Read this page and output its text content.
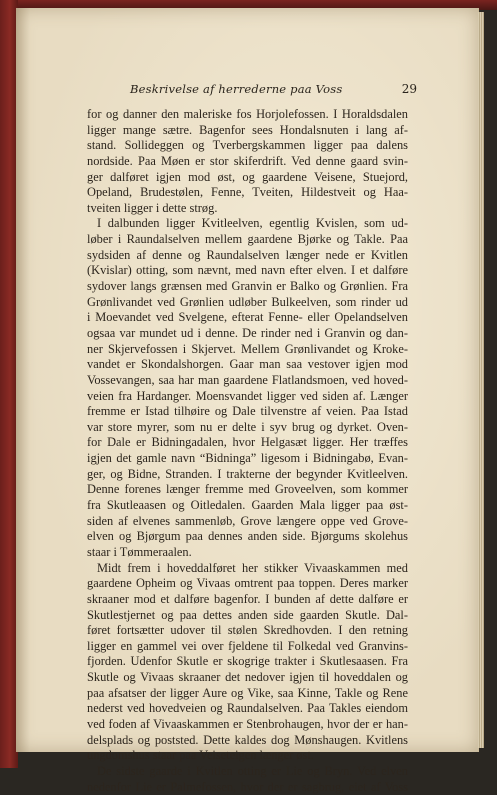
Beskrivelse af herrederne paa Voss	29
for og danner den maleriske fos Horjolefossen. I Horaldsdalen
ligger mange sætre. Bagenfor sees Hondalsnuten i lang af-
stand. Sollideggen og Tverbergskammen ligger paa dalens
nordside. Paa Møen er stor skiferdrift. Ved denne gaard svin-
ger dalføret igjen mod øst, og gaardene Veisene, Stuejord,
Opeland, Brudestølen, Fenne, Tveiten, Hildestveit og Haa-
tveiten ligger i dette strøg.
I dalbunden ligger Kvitleelven, egentlig Kvislen, som ud-
løber i Raundalselven mellem gaardene Bjørke og Takle. Paa
sydsiden af denne og Raundalselven længer nede er Kvitlen
(Kvislar) otting, som nævnt, med navn efter elven. I et dalføre
sydover langs grænsen med Granvin er Balko og Grønlien. Fra
Grønlivandet ved Grønlien udløber Bulkeelven, som rinder ud
i Moevandet ved Svelgene, efterat Fenne- eller Opelandselven
ogsaa var mundet ud i denne. De rinder ned i Granvin og dan-
ner Skjervefossen i Skjervet. Mellem Grønlivandet og Kroke-
vandet er Skondalshorgen. Gaar man saa vestover igjen mod
Vossevangen, saa har man gaardene Flatlandsmoen, ved hoved-
veien fra Hardanger. Moensvandet ligger ved siden af. Længer
fremme er Istad tilhøire og Dale tilvenstre af veien. Paa Istad
var store myrer, som nu er delte i syv brug og dyrket. Oven-
for Dale er Bidningadalen, hvor Helgasæt ligger. Her træffes
igjen det gamle navn “Bidninga” ligesom i Bidningabø, Evan-
ger, og Bidne, Stranden. I trakterne der begynder Kvitleelven.
Denne forenes længer fremme med Groveelven, som kommer
fra Skutleaasen og Oitledalen. Gaarden Mala ligger paa øst-
siden af elvenes sammenløb, Grove længere oppe ved Grove-
elven og Bjørgum paa dennes anden side. Bjørgums skolehus
staar i Tømmeraalen.
Midt frem i hoveddalføret her stikker Vivaaskammen med
gaardene Opheim og Vivaas omtrent paa toppen. Deres marker
skraaner mod et dalføre bagenfor. I bunden af dette dalføre er
Skutlestjernet og paa dettes anden side gaarden Skutle. Dal-
føret fortsætter udover til stølen Skredhovden. I den retning
ligger en gammel vei over fjeldene til Folkedal ved Granvins-
fjorden. Udenfor Skutle er skogrige trakter i Skutlesaasen. Fra
Skutle og Vivaas skraaner det nedover igjen til hoveddalen og
paa afsatser der ligger Aure og Vike, saa Kinne, Takle og Rene
nederst ved hovedveien og Raundalselven. Paa Takles eiendom
ved foden af Vivaaskammen er Stenbrohaugen, hvor der er han-
delsplads og poststed. Dette kaldes dog Mønshaugen. Kvitlens
ungdomshus staar paa Veiseteigen længer øst.
De sidste gaarde i Kvitlen otting er Lie og Bryn. Ved elven
nedenfor Lie er Palmefossen, hvor der er sagbrug, eiet af Voss
